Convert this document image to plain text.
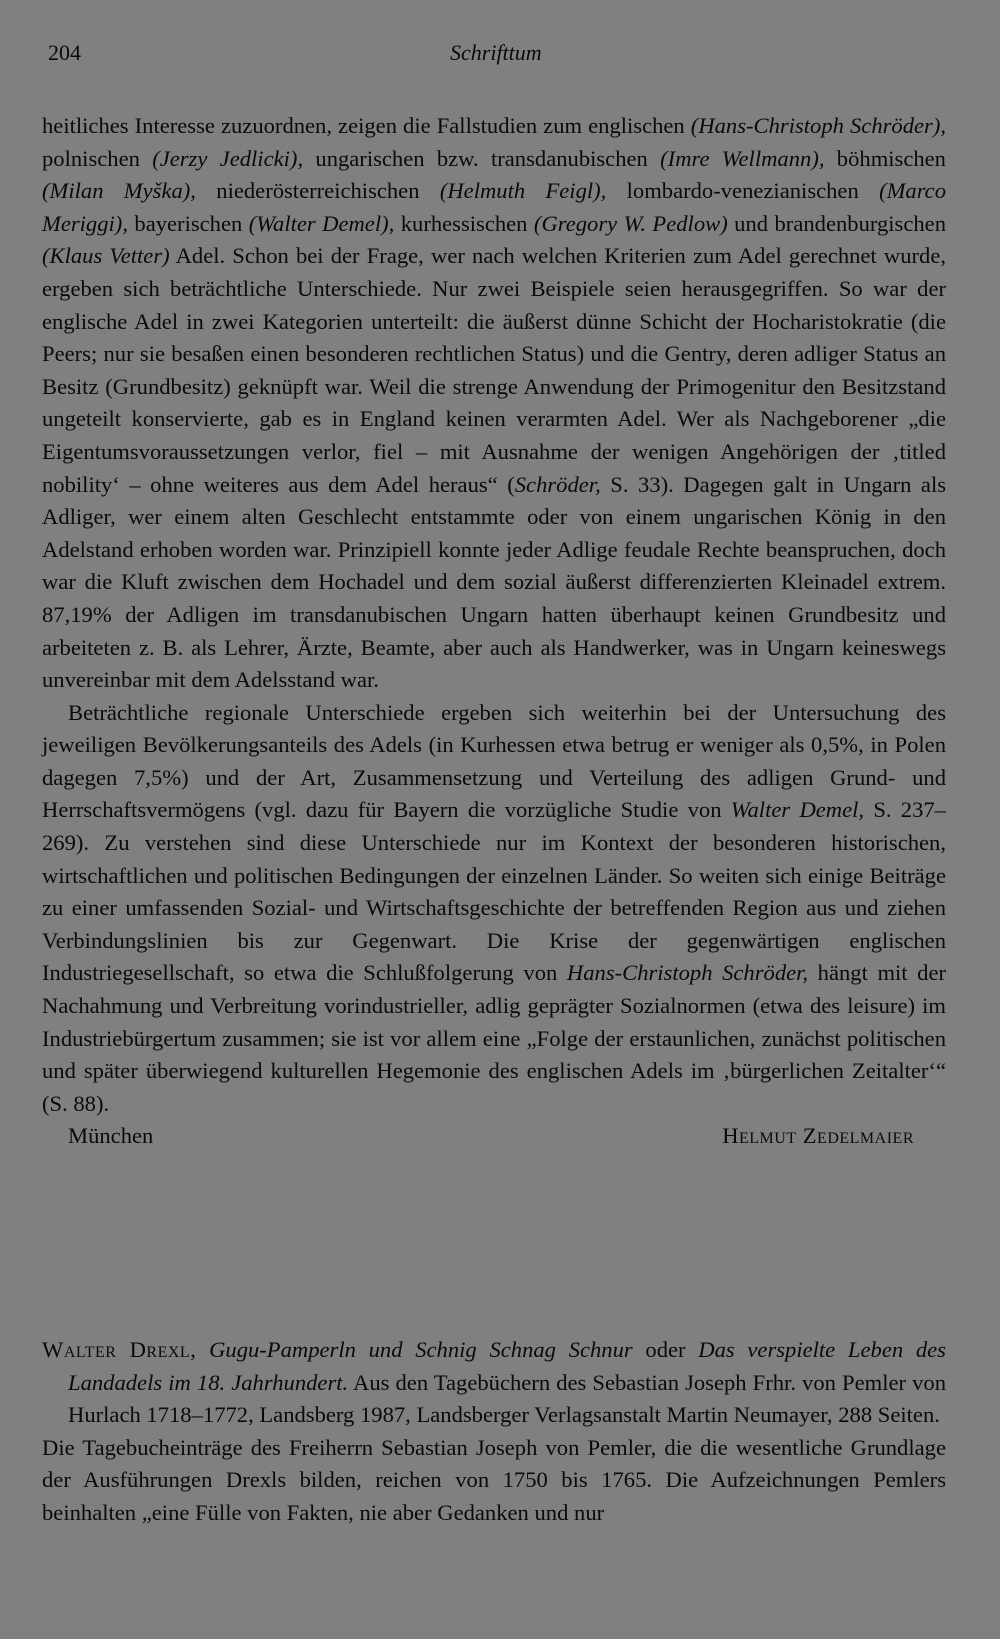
204	Schrifttum

heitliches Interesse zuzuordnen, zeigen die Fallstudien zum englischen (Hans-Christoph Schröder), polnischen (Jerzy Jedlicki), ungarischen bzw. transdanubischen (Imre Wellmann), böhmischen (Milan Myška), niederösterreichischen (Helmuth Feigl), lombardo-venezianischen (Marco Meriggi), bayerischen (Walter Demel), kurhessischen (Gregory W. Pedlow) und brandenburgischen (Klaus Vetter) Adel. Schon bei der Frage, wer nach welchen Kriterien zum Adel gerechnet wurde, ergeben sich beträchtliche Unterschiede. Nur zwei Beispiele seien herausgegriffen. So war der englische Adel in zwei Kategorien unterteilt: die äußerst dünne Schicht der Hocharistokratie (die Peers; nur sie besaßen einen besonderen rechtlichen Status) und die Gentry, deren adliger Status an Besitz (Grundbesitz) geknüpft war. Weil die strenge Anwendung der Primogenitur den Besitzstand ungeteilt konservierte, gab es in England keinen verarmten Adel. Wer als Nachgeborener „die Eigentumsvoraussetzungen verlor, fiel – mit Ausnahme der wenigen Angehörigen der ‚titled nobility‘ – ohne weiteres aus dem Adel heraus“ (Schröder, S. 33). Dagegen galt in Ungarn als Adliger, wer einem alten Geschlecht entstammte oder von einem ungarischen König in den Adelstand erhoben worden war. Prinzipiell konnte jeder Adlige feudale Rechte beanspruchen, doch war die Kluft zwischen dem Hochadel und dem sozial äußerst differenzierten Kleinadel extrem. 87,19% der Adligen im transdanubischen Ungarn hatten überhaupt keinen Grundbesitz und arbeiteten z. B. als Lehrer, Ärzte, Beamte, aber auch als Handwerker, was in Ungarn keineswegs unvereinbar mit dem Adelsstand war.

Beträchtliche regionale Unterschiede ergeben sich weiterhin bei der Untersuchung des jeweiligen Bevölkerungsanteils des Adels (in Kurhessen etwa betrug er weniger als 0,5%, in Polen dagegen 7,5%) und der Art, Zusammensetzung und Verteilung des adligen Grund- und Herrschaftsvermögens (vgl. dazu für Bayern die vorzügliche Studie von Walter Demel, S. 237–269). Zu verstehen sind diese Unterschiede nur im Kontext der besonderen historischen, wirtschaftlichen und politischen Bedingungen der einzelnen Länder. So weiten sich einige Beiträge zu einer umfassenden Sozial- und Wirtschaftsgeschichte der betreffenden Region aus und ziehen Verbindungslinien bis zur Gegenwart. Die Krise der gegenwärtigen englischen Industriegesellschaft, so etwa die Schlußfolgerung von Hans-Christoph Schröder, hängt mit der Nachahmung und Verbreitung vorindustrieller, adlig geprägter Sozialnormen (etwa des leisure) im Industriebürgertum zusammen; sie ist vor allem eine „Folge der erstaunlichen, zunächst politischen und später überwiegend kulturellen Hegemonie des englischen Adels im ‚bürgerlichen Zeitalter‘“ (S. 88).

München	Helmut Zedelmaier

Walter Drexl, Gugu-Pamperln und Schnig Schnag Schnur oder Das verspielte Leben des Landadels im 18. Jahrhundert. Aus den Tagebüchern des Sebastian Joseph Frhr. von Pemler von Hurlach 1718–1772, Landsberg 1987, Landsberger Verlagsanstalt Martin Neumayer, 288 Seiten.

Die Tagebucheinträge des Freiherrn Sebastian Joseph von Pemler, die die wesentliche Grundlage der Ausführungen Drexls bilden, reichen von 1750 bis 1765. Die Aufzeichnungen Pemlers beinhalten „eine Fülle von Fakten, nie aber Gedanken und nur
